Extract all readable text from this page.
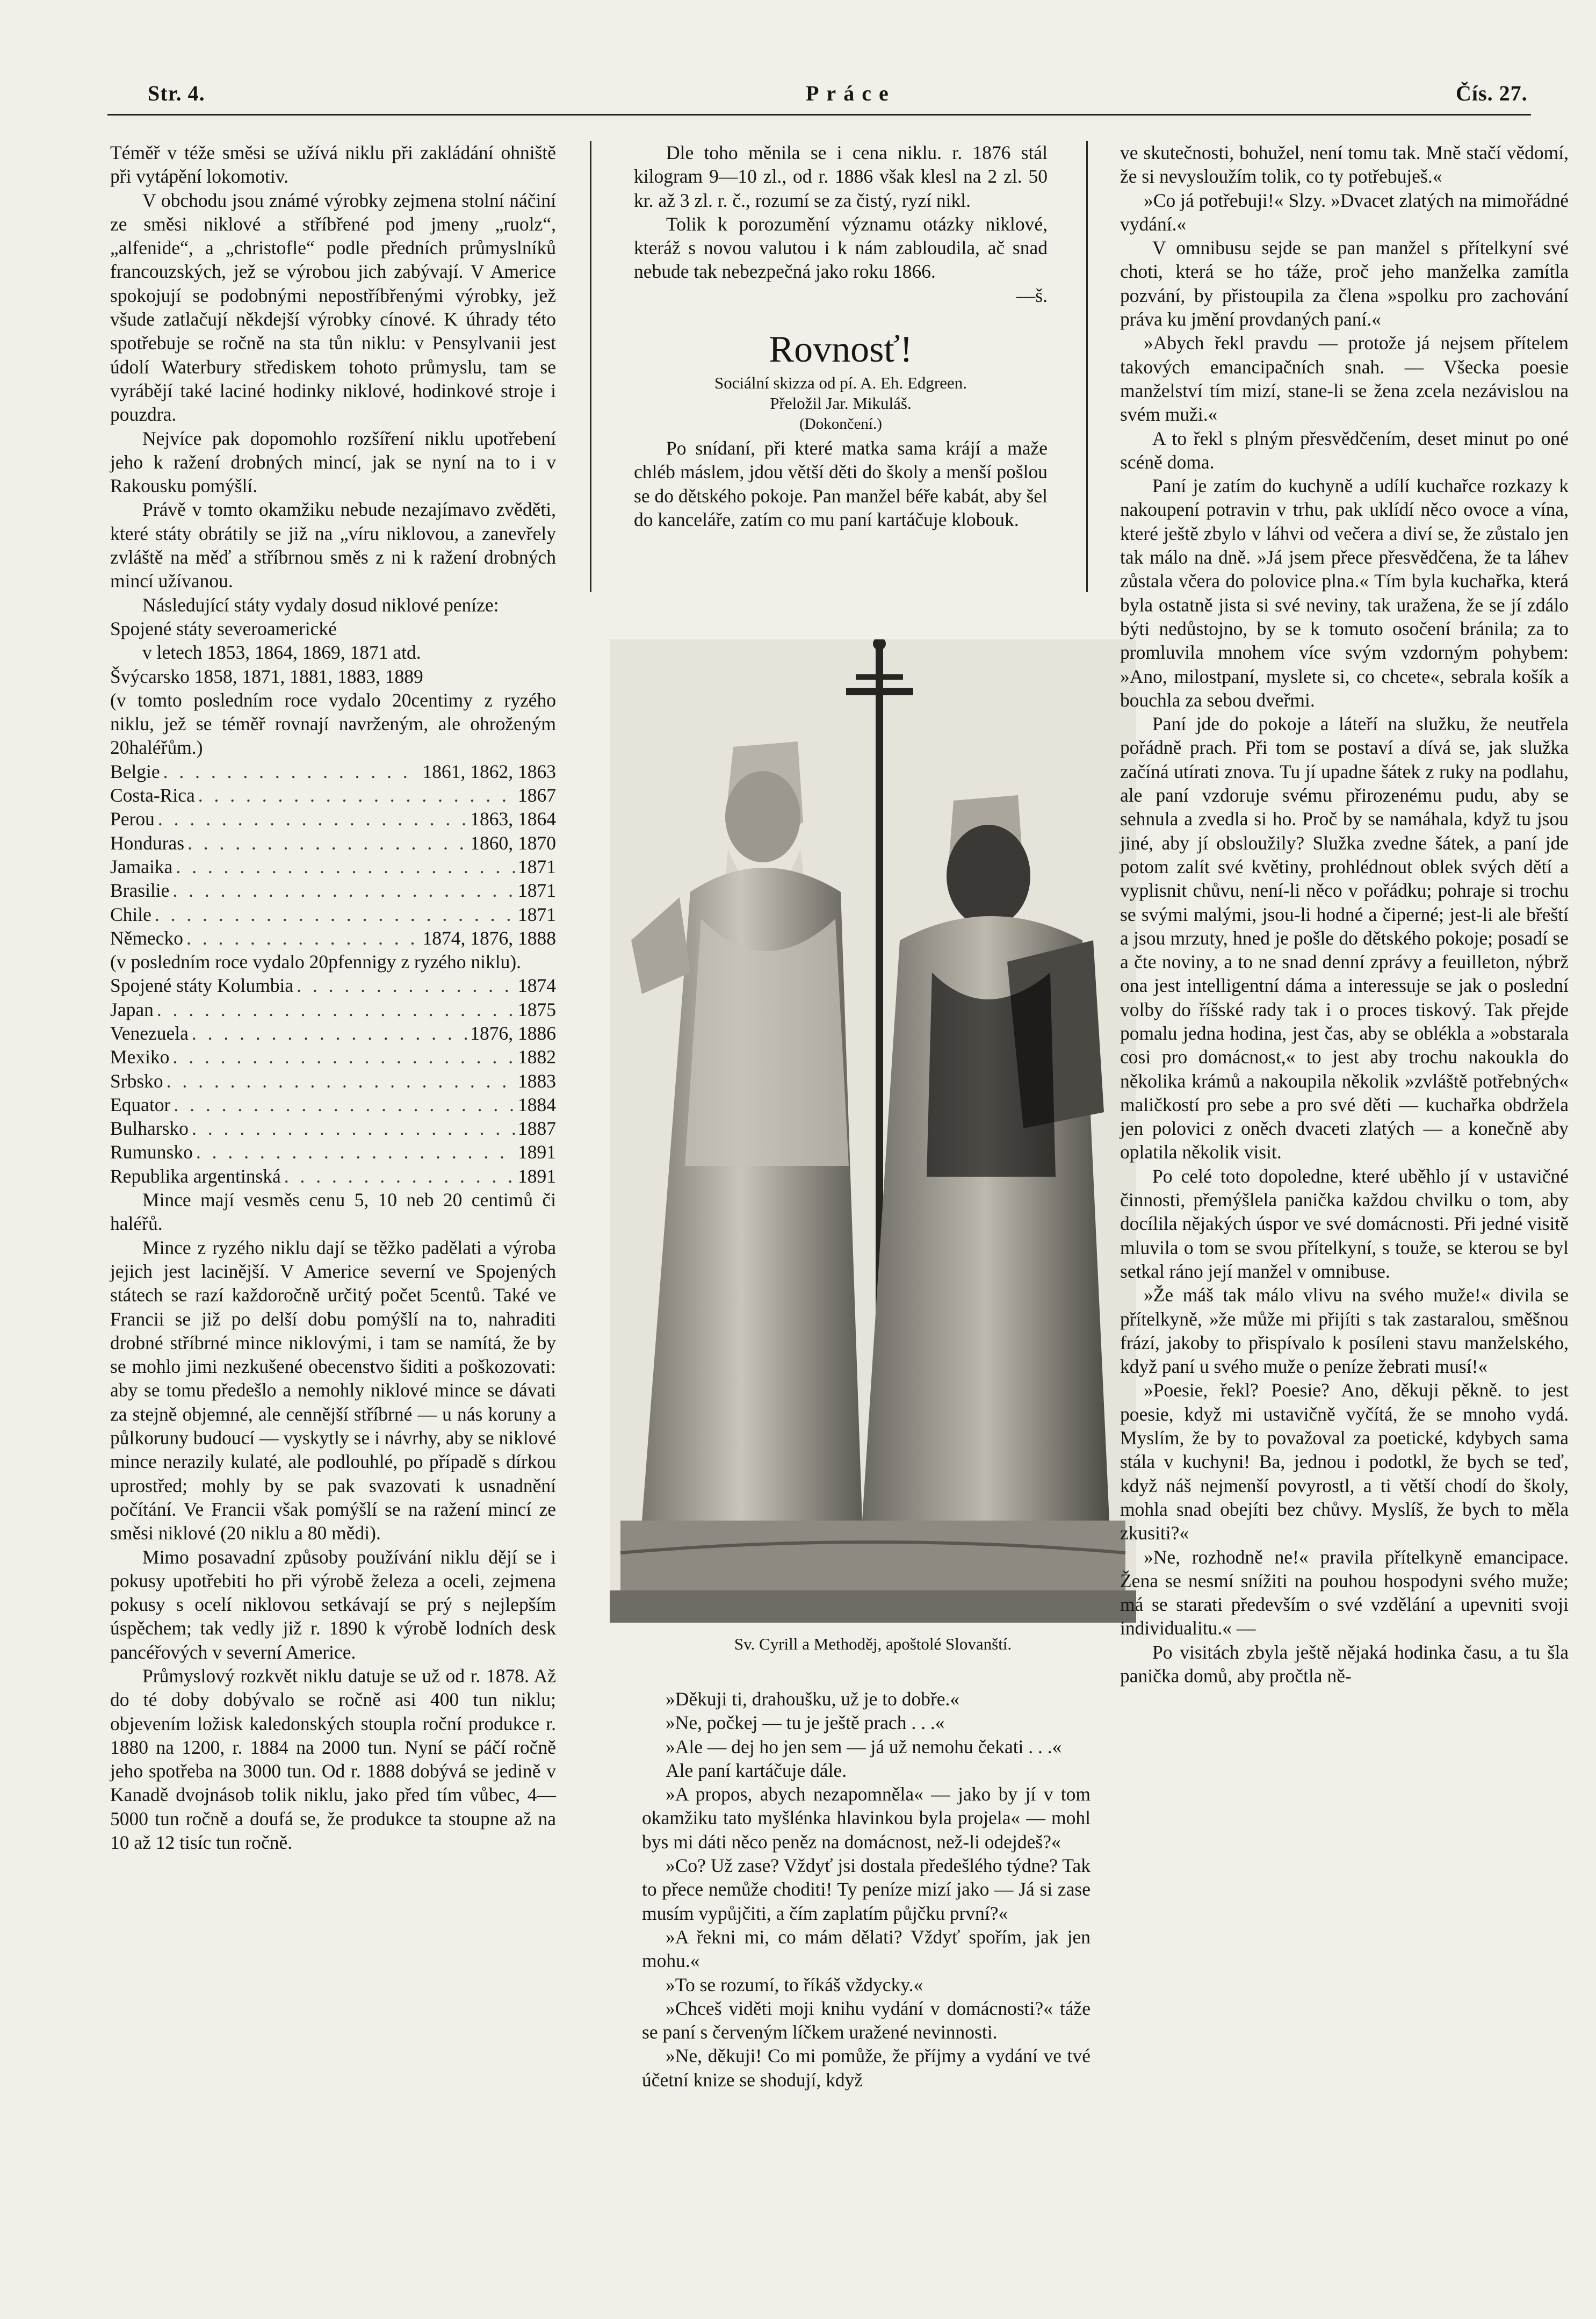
Str. 4.	Práce	Čís. 27.

Téměř v téže směsi se užívá niklu při zakládání ohniště při vytápění lokomotiv.

V obchodu jsou známé výrobky zejmena stolní náčiní ze směsi niklové a stříbřené pod jmeny „ruolz“, „alfenide“, a „christofle“ podle předních průmyslníků francouzských, jež se výrobou jich zabývají. V Americe spokojují se podobnými nepostříbřenými výrobky, jež všude zatlačují někdejší výrobky cínové. K úhrady této spotřebuje se ročně na sta tůn niklu: v Pensylvanii jest údolí Waterbury střediskem tohoto průmyslu, tam se vyrábějí také laciné hodinky niklové, hodinkové stroje i pouzdra.

Nejvíce pak dopomohlo rozšíření niklu upotřebení jeho k ražení drobných mincí, jak se nyní na to i v Rakousku pomýšlí.

Právě v tomto okamžiku nebude nezajímavo zvěděti, které státy obrátily se již na „víru niklovou, a zanevřely zvláště na měď a stříbrnou směs z ni k ražení drobných mincí užívanou.

Následující státy vydaly dosud niklové peníze:

Spojené státy severoamerické

v letech 1853, 1864, 1869, 1871 atd.

Švýcarsko 1858, 1871, 1881, 1883, 1889

(v tomto posledním roce vydalo 20centimy z ryzého niklu, jež se téměř rovnají navrženým, ale ohroženým 20haléřům.)

Belgie . . .	1861, 1862, 1863
Costa-Rica . . .	1867
Perou . . .	1863, 1864
Honduras . . .	1860, 1870
Jamaika . . .	1871
Brasilie . . .	1871
Chile . . .	1871
Německo . . .	1874, 1876, 1888

(v posledním roce vydalo 20pfennigy z ryzého niklu).

Spojené státy Kolumbia . . .	1874
Japan . . .	1875
Venezuela . . .	1876, 1886
Mexiko . . .	1882
Srbsko . . .	1883
Equator . . .	1884
Bulharsko . . .	1887
Rumunsko . . .	1891
Republika argentinská . . .	1891

Mince mají vesměs cenu 5, 10 neb 20 centimů či haléřů.

Mince z ryzého niklu dají se těžko padělati a výroba jejich jest lacinější. V Americe severní ve Spojených státech se razí každoročně určitý počet 5centů. Také ve Francii se již po delší dobu pomýšlí na to, nahraditi drobné stříbrné mince niklovými, i tam se namítá, že by se mohlo jimi nezkušené obecenstvo šiditi a poškozovati: aby se tomu předešlo a nemohly niklové mince se dávati za stejně objemné, ale cennější stříbrné — u nás koruny a půlkoruny budoucí — vyskytly se i návrhy, aby se niklové mince nerazily kulaté, ale podlouhlé, po případě s dírkou uprostřed; mohly by se pak svazovati k usnadnění počítání. Ve Francii však pomýšlí se na ražení mincí ze směsi niklové (20 niklu a 80 mědi).

Mimo posavadní způsoby používání niklu dějí se i pokusy upotřebiti ho při výrobě železa a oceli, zejmena pokusy s ocelí niklovou setkávají se prý s nejlepším úspěchem; tak vedly již r. 1890 k výrobě lodních desk pancéřových v severní Americe.

Průmyslový rozkvět niklu datuje se už od r. 1878. Až do té doby dobývalo se ročně asi 400 tun niklu; objevením ložisk kaledonských stoupla roční produkce r. 1880 na 1200, r. 1884 na 2000 tun. Nyní se páčí ročně jeho spotřeba na 3000 tun. Od r. 1888 dobývá se jedině v Kanadě dvojnásob tolik niklu, jako před tím vůbec, 4—5000 tun ročně a doufá se, že produkce ta stoupne až na 10 až 12 tisíc tun ročně.

Dle toho měnila se i cena niklu. r. 1876 stál kilogram 9—10 zl., od r. 1886 však klesl na 2 zl. 50 kr. až 3 zl. r. č., rozumí se za čistý, ryzí nikl.

Tolik k porozumění významu otázky niklové, kteráž s novou valutou i k nám zabloudila, ač snad nebude tak nebezpečná jako roku 1866.

—š.
Rovnosť!
Sociální skizza od pí. A. Eh. Edgreen.
Přeložil Jar. Mikuláš.
(Dokončení.)

Po snídaní, při které matka sama krájí a maže chléb máslem, jdou větší děti do školy a menší pošlou se do dětského pokoje. Pan manžel béře kabát, aby šel do kanceláře, zatím co mu paní kartáčuje klobouk.

Sv. Cyrill a Methoděj, apoštolé Slovanští.

»Děkuji ti, drahoušku, už je to dobře.«

»Ne, počkej — tu je ještě prach . . .«

»Ale — dej ho jen sem — já už nemohu čekati . . .«

Ale paní kartáčuje dále.

»A propos, abych nezapomněla« — jako by jí v tom okamžiku tato myšlénka hlavinkou byla projela« — mohl bys mi dáti něco peněz na domácnost, než-li odejdeš?«

»Co? Už zase? Vždyť jsi dostala předešlého týdne? Tak to přece nemůže choditi! Ty peníze mizí jako — Já si zase musím vypůjčiti, a čím zaplatím půjčku první?«

»A řekni mi, co mám dělati? Vždyť spořím, jak jen mohu.«

»To se rozumí, to říkáš vždycky.«

»Chceš viděti moji knihu vydání v domácnosti?« táže se paní s červeným líčkem uražené nevinnosti.

»Ne, děkuji! Co mi pomůže, že příjmy a vydání ve tvé účetní knize se shodují, když

ve skutečnosti, bohužel, není tomu tak. Mně stačí vědomí, že si nevysloužím tolik, co ty potřebuješ.«

»Co já potřebuji!« Slzy. »Dvacet zlatých na mimořádné vydání.«

V omnibusu sejde se pan manžel s přítelkyní své choti, která se ho táže, proč jeho manželka zamítla pozvání, by přistoupila za člena »spolku pro zachování práva ku jmění provdaných paní.«

»Abych řekl pravdu — protože já nejsem přítelem takových emancipačních snah. — Všecka poesie manželství tím mizí, stane-li se žena zcela nezávislou na svém muži.«

A to řekl s plným přesvědčením, deset minut po oné scéně doma.

Paní je zatím do kuchyně a udílí kuchařce rozkazy k nakoupení potravin v trhu, pak uklídí něco ovoce a vína, které ještě zbylo v láhvi od večera a diví se, že zůstalo jen tak málo na dně. »Já jsem přece přesvědčena, že ta láhev zůstala včera do polovice plna.« Tím byla kuchařka, která byla ostatně jista si své neviny, tak uražena, že se jí zdálo býti nedůstojno, by se k tomuto osočení bránila; za to promluvila mnohem více svým vzdorným pohybem: »Ano, milostpaní, myslete si, co chcete«, sebrala košík a bouchla za sebou dveřmi.

Paní jde do pokoje a láteří na služku, že neutřela pořádně prach. Při tom se postaví a dívá se, jak služka začíná utírati znova. Tu jí upadne šátek z ruky na podlahu, ale paní vzdoruje svému přirozenému pudu, aby se sehnula a zvedla si ho. Proč by se namáhala, když tu jsou jiné, aby jí obsloužily? Služka zvedne šátek, a paní jde potom zalít své květiny, prohlédnout oblek svých dětí a vyplisnit chůvu, není-li něco v pořádku; pohraje si trochu se svými malými, jsou-li hodné a čiperné; jest-li ale břeští a jsou mrzuty, hned je pošle do dětského pokoje; posadí se a čte noviny, a to ne snad denní zprávy a feuilleton, nýbrž ona jest intelligentní dáma a interessuje se jak o poslední volby do říšské rady tak i o proces tiskový. Tak přejde pomalu jedna hodina, jest čas, aby se oblékla a »obstarala cosi pro domácnost,« to jest aby trochu nakoukla do několika krámů a nakoupila několik »zvláště potřebných« maličkostí pro sebe a pro své děti — kuchařka obdržela jen polovici z oněch dvaceti zlatých — a konečně aby oplatila několik visit.

Po celé toto dopoledne, které uběhlo jí v ustavičné činnosti, přemýšlela panička každou chvilku o tom, aby docílila nějakých úspor ve své domácnosti. Při jedné visitě mluvila o tom se svou přítelkyní, s touže, se kterou se byl setkal ráno její manžel v omnibuse.

»Že máš tak málo vlivu na svého muže!« divila se přítelkyně, »že může mi přijíti s tak zastaralou, směšnou frází, jakoby to přispívalo k posíleni stavu manželského, když paní u svého muže o peníze žebrati musí!«

»Poesie, řekl? Poesie? Ano, děkuji pěkně. to jest poesie, když mi ustavičně vyčítá, že se mnoho vydá. Myslím, že by to považoval za poetické, kdybych sama stála v kuchyni! Ba, jednou i podotkl, že bych se teď, když náš nejmenší povyrostl, a ti větší chodí do školy, mohla snad obejíti bez chůvy. Myslíš, že bych to měla zkusiti?«

»Ne, rozhodně ne!« pravila přítelkyně emancipace. Žena se nesmí snížiti na pouhou hospodyni svého muže; má se starati především o své vzdělání a upevniti svoji individualitu.« —

Po visitách zbyla ještě nějaká hodinka času, a tu šla panička domů, aby pročtla ně-
